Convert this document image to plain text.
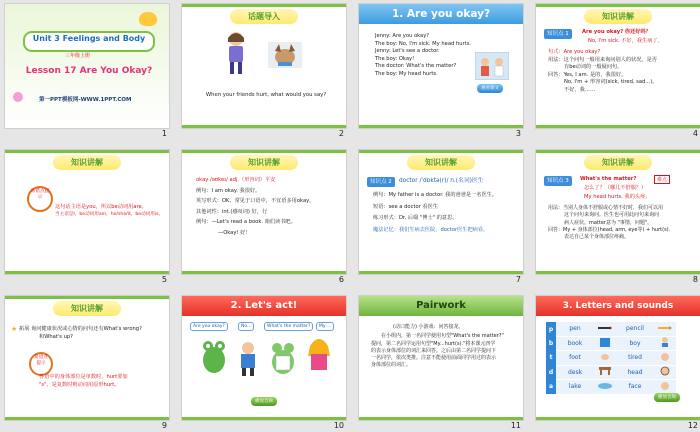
Unit 3 Feelings and Body
三年级上册
Lesson 17 Are You Okay?
第一PPT模板网-WWW.1PPT.COM
1
话题导入
When your friends hurt, what would you say?
2
1. Are you okay?
Jenny: Are you okay?
The boy: No, I'm sick. My head hurts.
Jenny: Let's see a doctor.
The boy: Okay!
The doctor: What's the matter?
The boy: My head hurts.
观看课文
3
知识讲解
知识点 1	Are you okay? 你还好吗？
No, I'm sick. 不好，我生病了。
句式：Are you okay?
用法：这个问句一般用来询问别人的状况，是否
有be动词的一般疑问句。
回答：Yes, I am. 是的，我很好。
No, I'm + 形容词(sick, tired, sad...)。
不好，我……
4
知识讲解
易错点提示
这句话主语是you，所以be动词用are。
当主语是I，be动词用am，he/she/it，be动词用is。
5
知识讲解
okay /əʊkeɪ/ adj.（形容词）平安
例句：I am okay. 我很好。
英写形式：OK，常见于口语中，不宜语多用okay。
其他词性：int.(感叹词) 好，行
例句：—Let's read a book. 咱们读书吧。
—Okay! 好！
6
知识讲解
知识点 2	doctor /ˈdɒktə(r)/ n.(名词)医生
例句：My father is a doctor. 我的爸爸是一名医生。
短语：see a doctor 看医生
练习形式：Dr. 后缀 "博士" 的意思。
魔法记忆：我们生病去医院，doctor医生把病看。
7
知识讲解
知识点 3	What's the matter?	难点
怎么了？（哪儿不舒服？）
My head hurts. 我的头疼。
用法：当别人身体不舒服或心情不好时，我们可以用
这个问句来询问。医生也可用此问句来询问
病人症状。matter意为 "事情，问题"。
回答：My + 身体部位(head, arm, eye等) + hurt(s).
表达自己某个身体部位疼痛。
8
知识讲解
★ 拓展 询问健康状况或心情的问句还有What's wrong?
和What's up?
易错点提示
答语中的身体部位是单数时，hurt要加
"s"，是复数时则动词用原形hurt。
9
2. Let's act!
Are you okay?	No...	What's the matter?	My ...
播放音频
10
Pairwork
(动口能力) 小游戏：问答接龙。
在小组内，第一名同学使用句型"What's the matter?"
提问，第二名同学运用句型"My...hurt(s)."将本课元四学
的表示身体部位的词汇来回答。之后由第二名同学提问下
一名同学，依次类推。注意不能使用前面同学用过的表示
身体部位的词汇。
11
3. Letters and sounds
p	pen		pencil	
b	book		boy	
t	foot		tired	
d	desk		head	
a	lake		face	
播放音频
12
